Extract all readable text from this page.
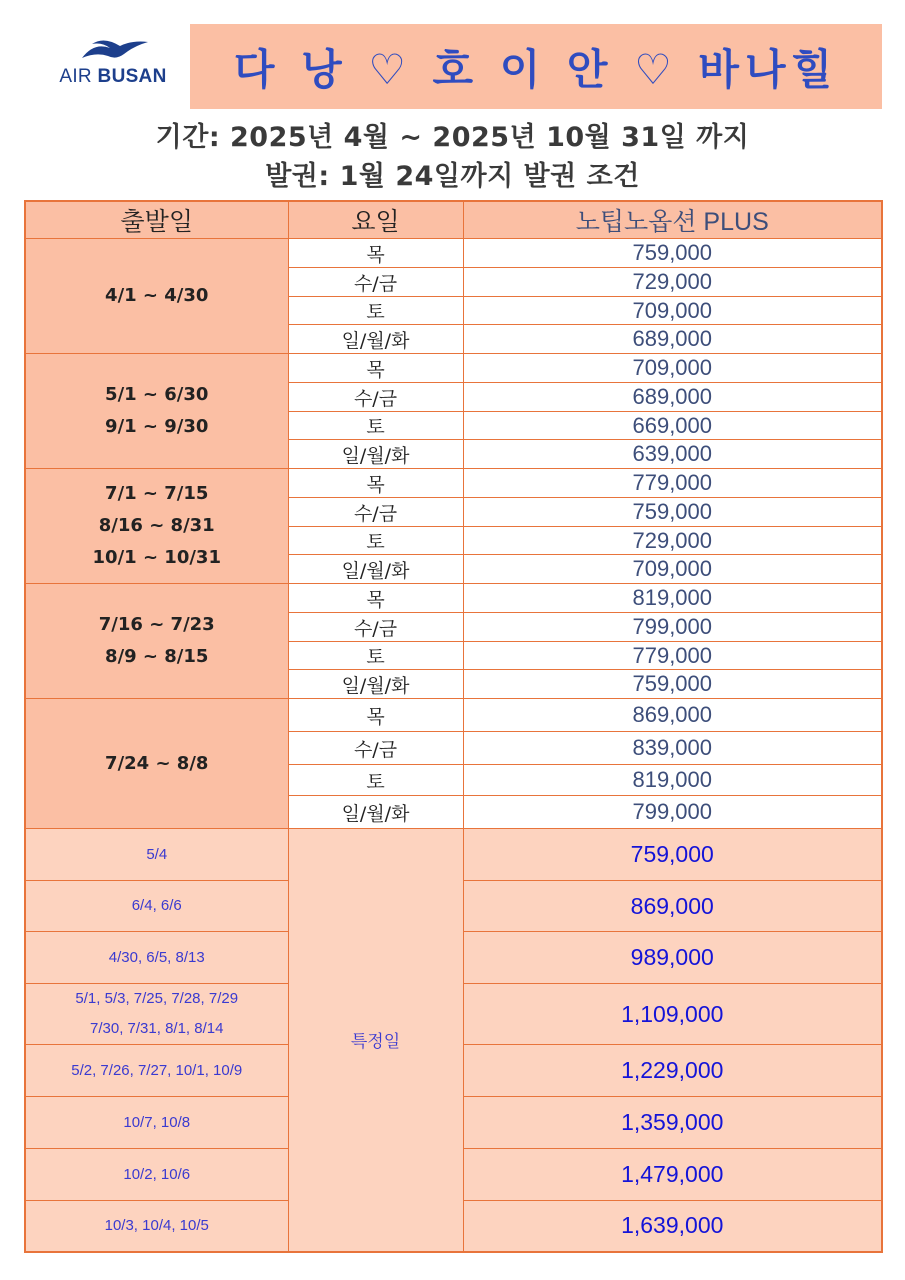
AIR BUSAN 다 낭 ♡ 호 이 안 ♡ 바나힐
기간: 2025년 4월 ~ 2025년 10월 31일 까지
발권: 1월 24일까지 발권 조건
출발일	요일	노팁노옵션 PLUS

4/1 ~ 4/30	목	759,000
	수/금	729,000
	토	709,000
	일/월/화	689,000

5/1 ~ 6/30
9/1 ~ 9/30	목	709,000
	수/금	689,000
	토	669,000
	일/월/화	639,000

7/1 ~ 7/15
8/16 ~ 8/31
10/1 ~ 10/31	목	779,000
	수/금	759,000
	토	729,000
	일/월/화	709,000

7/16 ~ 7/23
8/9 ~ 8/15	목	819,000
	수/금	799,000
	토	779,000
	일/월/화	759,000

7/24 ~ 8/8	목	869,000
	수/금	839,000
	토	819,000
	일/월/화	799,000

5/4	특정일	759,000

6/4, 6/6		869,000

4/30, 6/5, 8/13		989,000

5/1, 5/3, 7/25, 7/28, 7/29
7/30, 7/31, 8/1, 8/14		1,109,000

5/2, 7/26, 7/27, 10/1, 10/9		1,229,000

10/7, 10/8		1,359,000

10/2, 10/6		1,479,000

10/3, 10/4, 10/5		1,639,000
